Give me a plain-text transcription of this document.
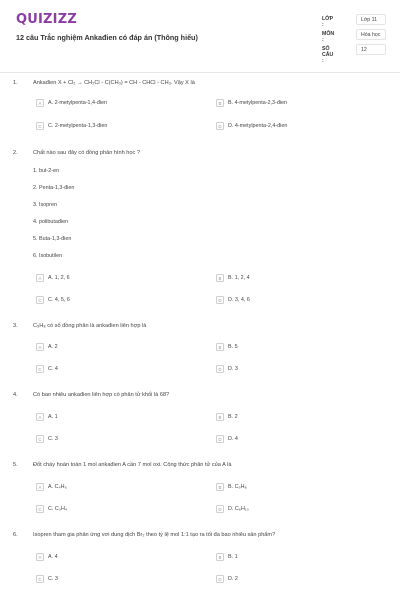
QUIZIZZ
12 câu Trắc nghiệm Ankađien có đáp án (Thông hiểu)
LỚP :
Lớp 11
MÔN :
Hóa học
SỐ CÂU :
12
1.	Ankađien X + Cl₂ → CH₂Cl - C(CH₃) = CH - CHCl - CH₃. Vậy X là
A	A. 2-metylpenta-1,4-đien	B	B. 4-metylpenta-2,3-đien
C	C. 2-metylpenta-1,3-đien	D	D. 4-metylpenta-2,4-đien
2.	Chất nào sau đây có đồng phân hình học ?
1. but-2-en
2. Penta-1,3-đien
3. Isopren
4. polibutađien
5. Buta-1,3-đien
6. Isobutilen
A	A. 1, 2, 6	B	B. 1, 2, 4
C	C. 4, 5, 6	D	D. 3, 4, 6
3.	C₅H₈ có số đồng phân là ankađien liên hợp là
A	A. 2	B	B. 5
C	C. 4	D	D. 3
4.	Có bao nhiêu ankađien liên hợp có phân tử khối là 68?
A	A. 1	B	B. 2
C	C. 3	D	D. 4
5.	Đốt cháy hoàn toàn 1 mol ankađien A cần 7 mol oxi. Công thức phân tử của A là
A	A. C₄H₆	B	B. C₅H₈
C	C. C₃H₄	D	D. C₆H₁₀
6.	Isopren tham gia phản ứng vơi dung dịch Br₂ theo tỷ lệ mol 1:1 tạo ra tối đa bao nhiêu sản phẩm?
A	A. 4	B	B. 1
C	C. 3	D	D. 2
